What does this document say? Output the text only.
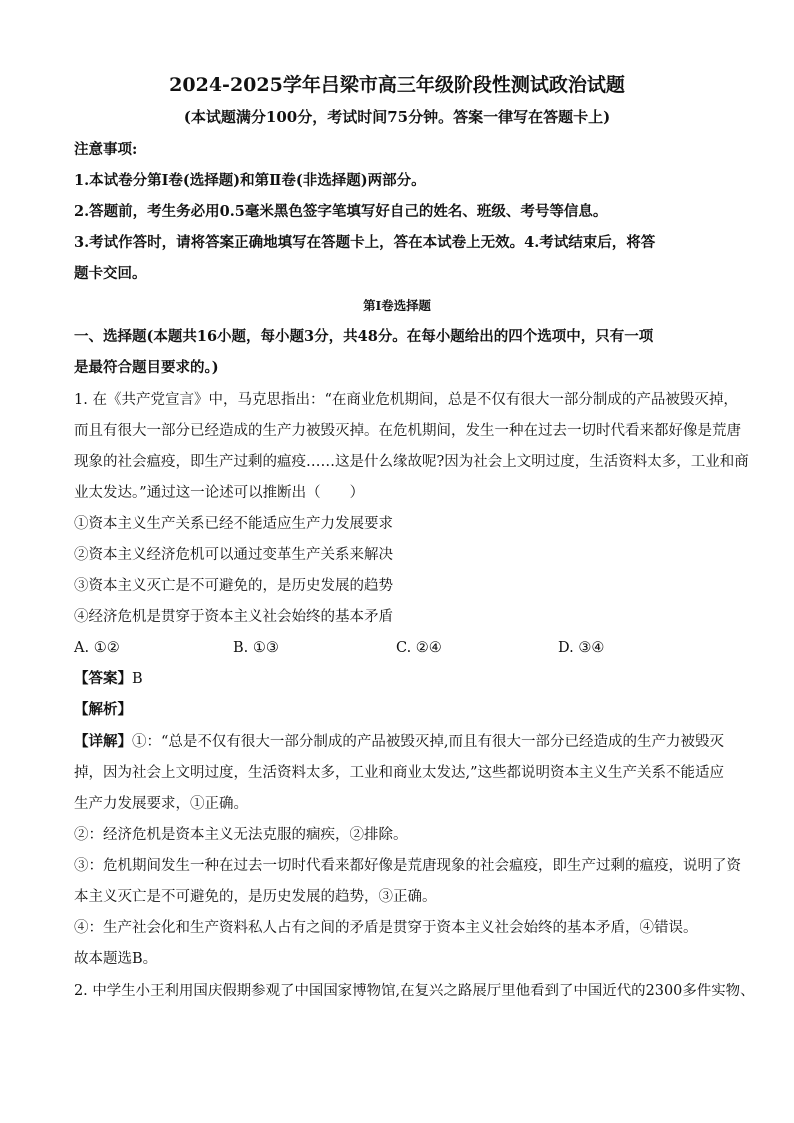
2024-2025学年吕梁市高三年级阶段性测试政治试题
(本试题满分100分，考试时间75分钟。答案一律写在答题卡上)
注意事项:
1.本试卷分第Ⅰ卷(选择题)和第Ⅱ卷(非选择题)两部分。
2.答题前，考生务必用0.5毫米黑色签字笔填写好自己的姓名、班级、考号等信息。
3.考试作答时，请将答案正确地填写在答题卡上，答在本试卷上无效。4.考试结束后，将答
题卡交回。
第Ⅰ卷选择题
一、选择题(本题共16小题，每小题3分，共48分。在每小题给出的四个选项中，只有一项
是最符合题目要求的。)
1. 在《共产党宣言》中，马克思指出：“在商业危机期间，总是不仅有很大一部分制成的产品被毁灭掉，
而且有很大一部分已经造成的生产力被毁灭掉。在危机期间，发生一种在过去一切时代看来都好像是荒唐
现象的社会瘟疫，即生产过剩的瘟疫……这是什么缘故呢?因为社会上文明过度，生活资料太多，工业和商
业太发达。”通过这一论述可以推断出（　　）
①资本主义生产关系已经不能适应生产力发展要求
②资本主义经济危机可以通过变革生产关系来解决
③资本主义灭亡是不可避免的，是历史发展的趋势
④经济危机是贯穿于资本主义社会始终的基本矛盾
A. ①②	B. ①③	C. ②④	D. ③④
【答案】B
【解析】
【详解】①：“总是不仅有很大一部分制成的产品被毁灭掉,而且有很大一部分已经造成的生产力被毁灭
掉，因为社会上文明过度，生活资料太多，工业和商业太发达,”这些都说明资本主义生产关系不能适应
生产力发展要求，①正确。
②：经济危机是资本主义无法克服的痼疾，②排除。
③：危机期间发生一种在过去一切时代看来都好像是荒唐现象的社会瘟疫，即生产过剩的瘟疫，说明了资
本主义灭亡是不可避免的，是历史发展的趋势，③正确。
④：生产社会化和生产资料私人占有之间的矛盾是贯穿于资本主义社会始终的基本矛盾，④错误。
故本题选B。
2. 中学生小王利用国庆假期参观了中国国家博物馆,在复兴之路展厅里他看到了中国近代的2300多件实物、
